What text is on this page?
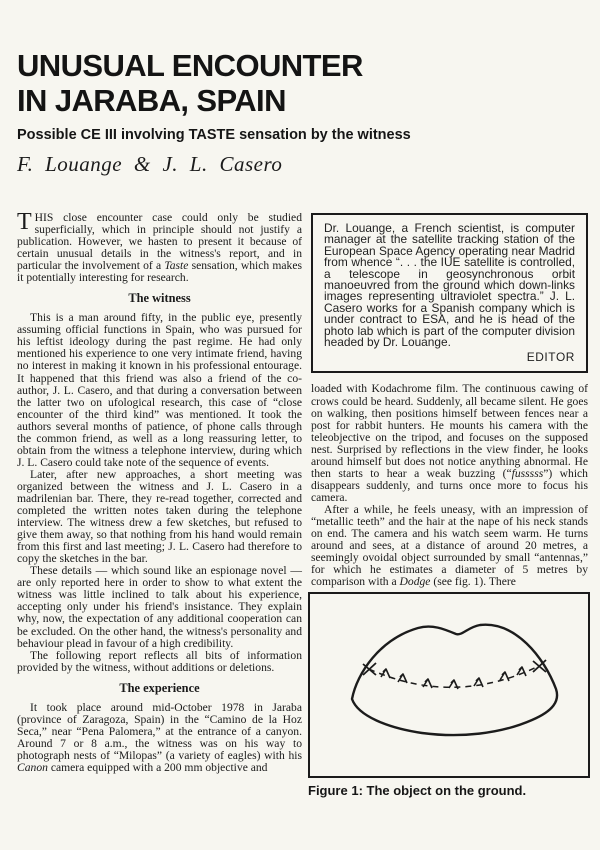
UNUSUAL ENCOUNTER
IN JARABA, SPAIN
Possible CE III involving TASTE sensation by the witness
F. Louange & J. L. Casero

THIS close encounter case could only be studied superficially, which in principle should not justify a publication. However, we hasten to present it because of certain unusual details in the witness's report, and in particular the involvement of a Taste sensation, which makes it potentially interesting for research.

The witness

This is a man around fifty, in the public eye, presently assuming official functions in Spain, who was pursued for his leftist ideology during the past regime. He had only mentioned his experience to one very intimate friend, having no interest in making it known in his professional entourage. It happened that this friend was also a friend of the co-author, J. L. Casero, and that during a conversation between the latter two on ufological research, this case of “close encounter of the third kind” was mentioned. It took the authors several months of patience, of phone calls through the common friend, as well as a long reassuring letter, to obtain from the witness a telephone interview, during which J. L. Casero could take note of the sequence of events.

Later, after new approaches, a short meeting was organized between the witness and J. L. Casero in a madrilenian bar. There, they re-read together, corrected and completed the written notes taken during the telephone interview. The witness drew a few sketches, but refused to give them away, so that nothing from his hand would remain from this first and last meeting; J. L. Casero had therefore to copy the sketches in the bar.

These details — which sound like an espionage novel — are only reported here in order to show to what extent the witness was little inclined to talk about his experience, accepting only under his friend's insistance. They explain why, now, the expectation of any additional cooperation can be excluded. On the other hand, the witness's personality and behaviour plead in favour of a high credibility.

The following report reflects all bits of information provided by the witness, without additions or deletions.

The experience

It took place around mid-October 1978 in Jaraba (province of Zaragoza, Spain) in the “Camino de la Hoz Seca,” near “Pena Palomera,” at the entrance of a canyon. Around 7 or 8 a.m., the witness was on his way to photograph nests of “Milopas” (a variety of eagles) with his Canon camera equipped with a 200 mm objective and

Dr. Louange, a French scientist, is computer manager at the satellite tracking station of the European Space Agency operating near Madrid from whence “. . . the IUE satellite is controlled, a telescope in geosynchronous orbit manoeuvred from the ground which down-links images representing ultraviolet spectra.” J. L. Casero works for a Spanish company which is under contract to ESA, and he is head of the photo lab which is part of the computer division headed by Dr. Louange.

EDITOR

loaded with Kodachrome film. The continuous cawing of crows could be heard. Suddenly, all became silent. He goes on walking, then positions himself between fences near a post for rabbit hunters. He mounts his camera with the teleobjective on the tripod, and focuses on the supposed nest. Surprised by reflections in the view finder, he looks around himself but does not notice anything abnormal. He then starts to hear a weak buzzing (“fusssss”) which disappears suddenly, and turns once more to focus his camera.

After a while, he feels uneasy, with an impression of “metallic teeth” and the hair at the nape of his neck stands on end. The camera and his watch seem warm. He turns around and sees, at a distance of around 20 metres, a seemingly ovoidal object surrounded by small “antennas,” for which he estimates a diameter of 5 metres by comparison with a Dodge (see fig. 1). There

Figure 1: The object on the ground.
